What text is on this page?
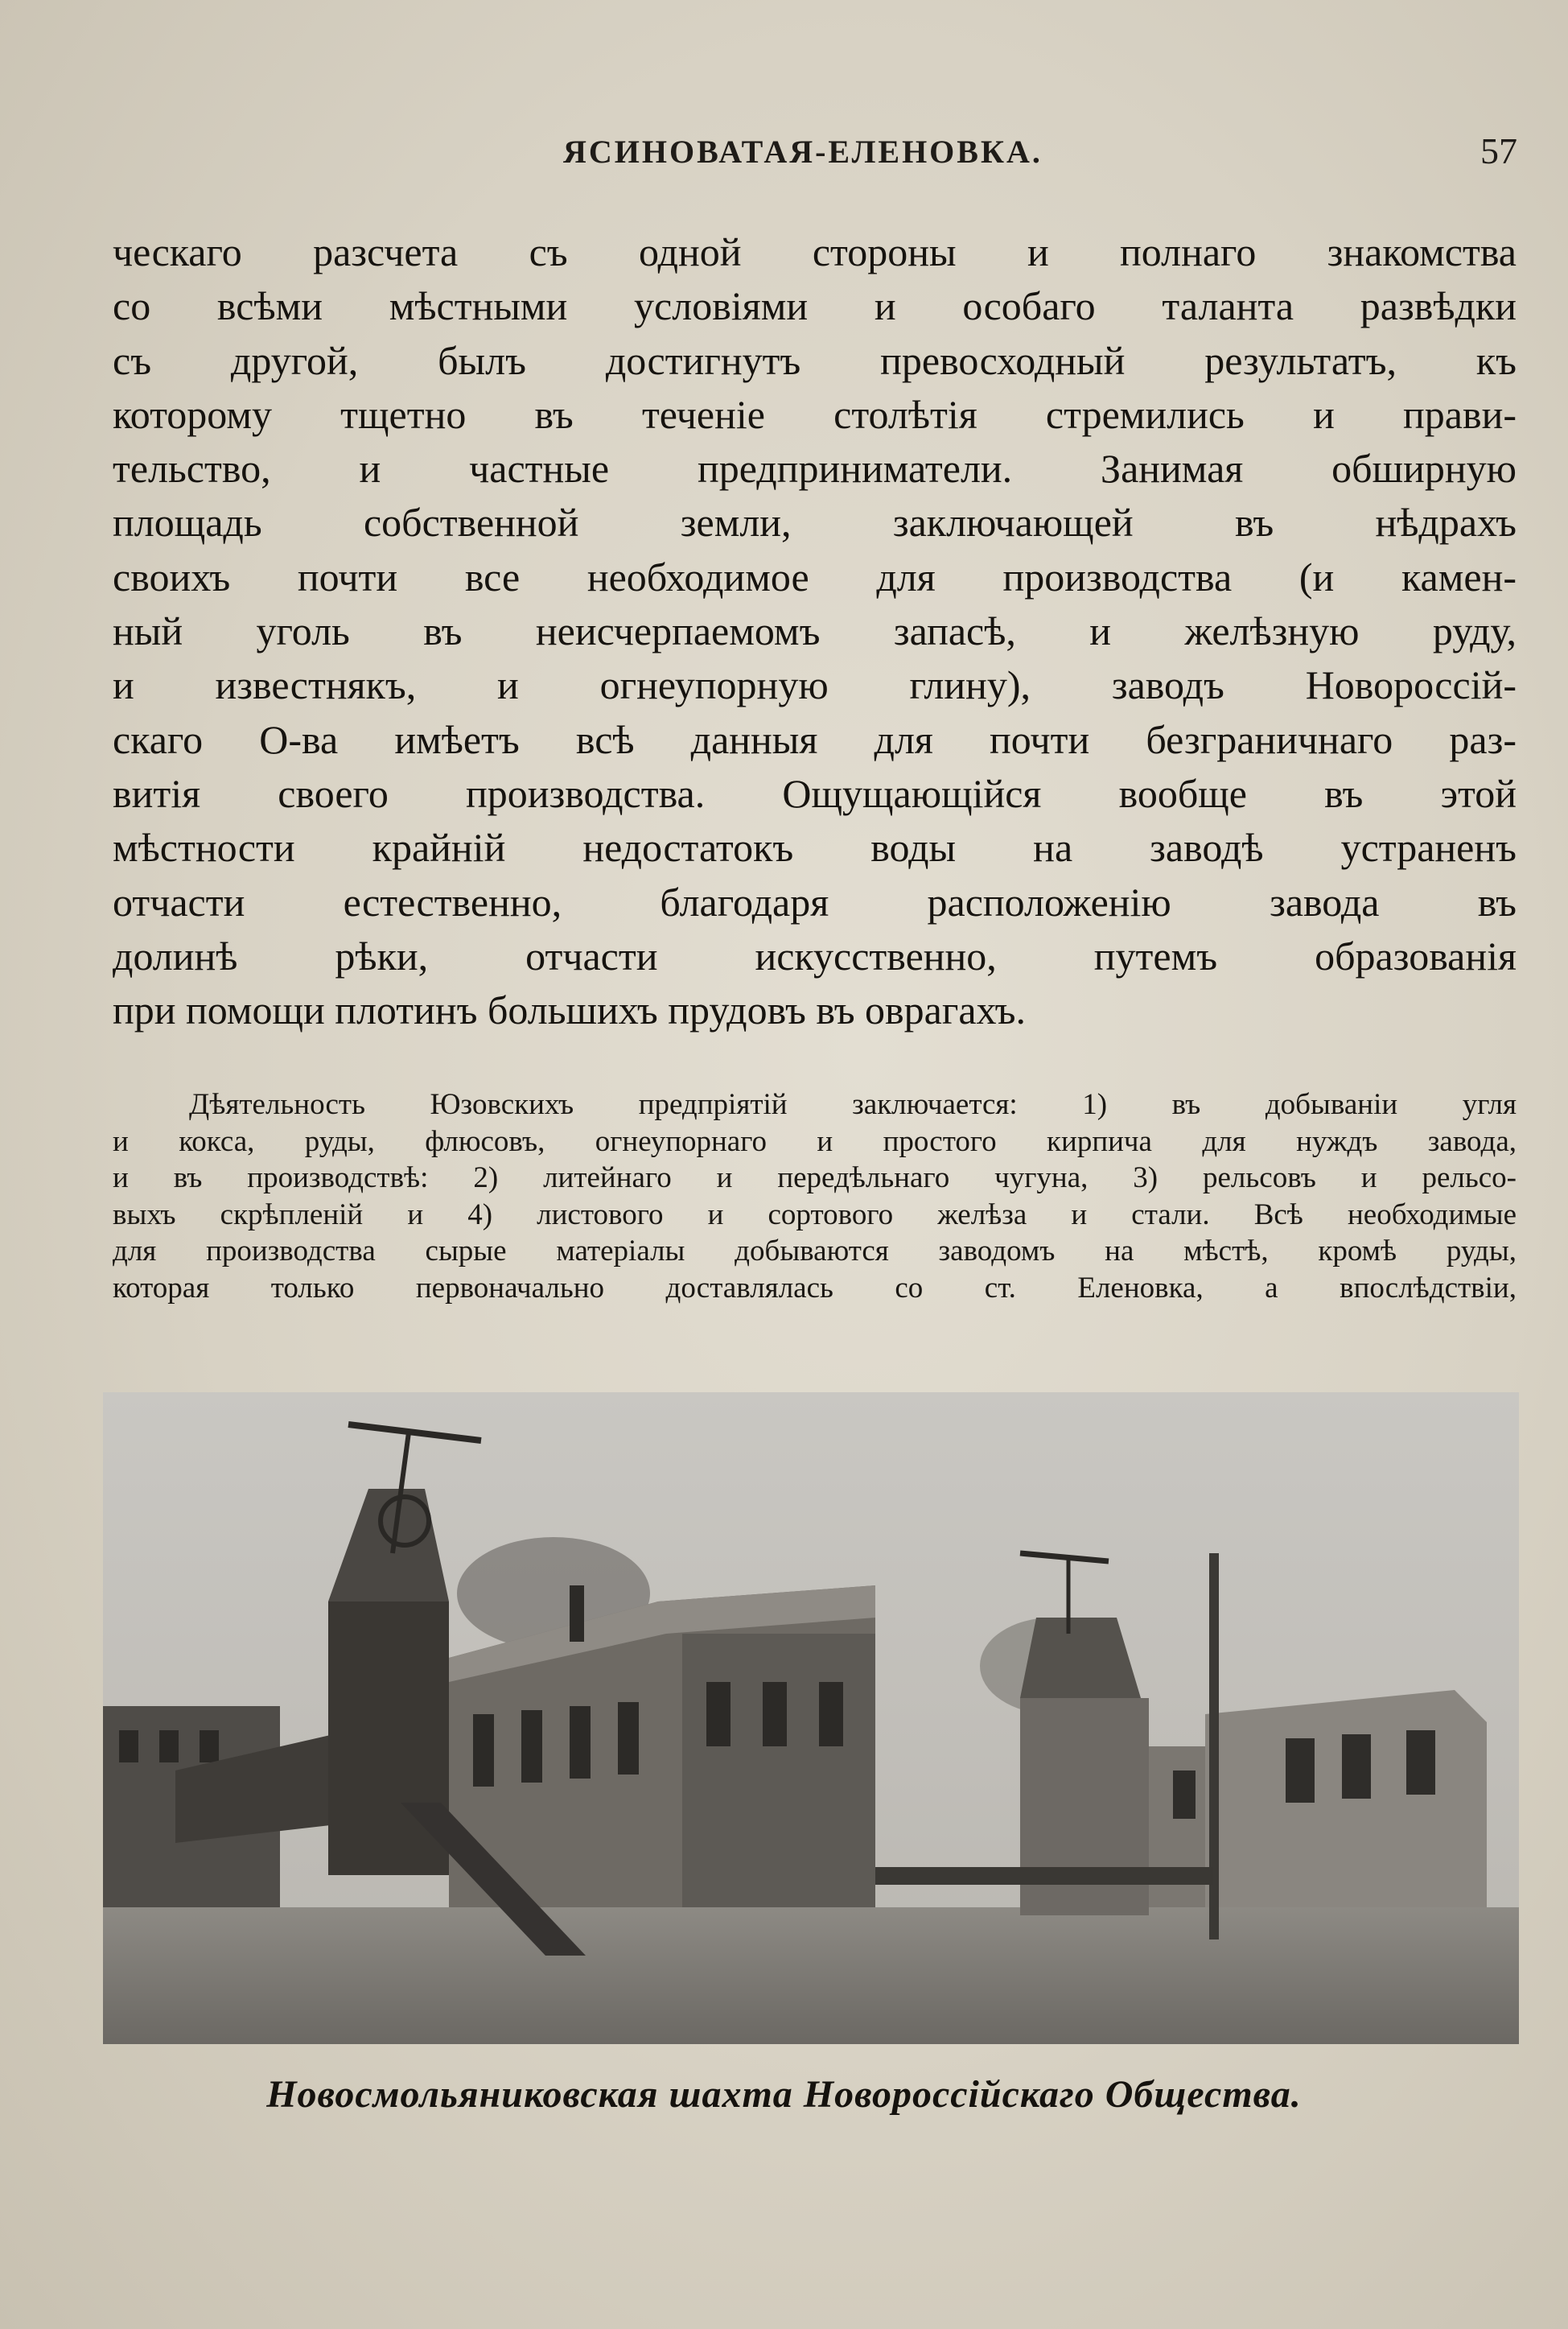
ЯСИНОВАТАЯ-ЕЛЕНОВКА.	57
ческаго разсчета съ одной стороны и полнаго знакомства
со всѣми мѣстными условіями и особаго таланта развѣдки
съ другой, былъ достигнутъ превосходный результатъ, къ
которому тщетно въ теченіе столѣтія стремились и прави-
тельство, и частные предприниматели. Занимая обширную
площадь собственной земли, заключающей въ нѣдрахъ
своихъ почти все необходимое для производства (и камен-
ный уголь въ неисчерпаемомъ запасѣ, и желѣзную руду,
и известнякъ, и огнеупорную глину), заводъ Новороссій-
скаго О-ва имѣетъ всѣ данныя для почти безграничнаго раз-
витія своего производства. Ощущающійся вообще въ этой
мѣстности крайній недостатокъ воды на заводѣ устраненъ
отчасти естественно, благодаря расположенію завода въ
долинѣ рѣки, отчасти искусственно, путемъ образованія
при помощи плотинъ большихъ прудовъ въ оврагахъ.
Дѣятельность Юзовскихъ предпріятій заключается: 1) въ добываніи угля
и кокса, руды, флюсовъ, огнеупорнаго и простого кирпича для нуждъ завода,
и въ производствѣ: 2) литейнаго и передѣльнаго чугуна, 3) рельсовъ и рельсо-
выхъ скрѣпленій и 4) листового и сортового желѣза и стали. Всѣ необходимые
для производства сырые матеріалы добываются заводомъ на мѣстѣ, кромѣ руды,
которая только первоначально доставлялась со ст. Еленовка, а впослѣдствіи,
Новосмольяниковская шахта Новороссійскаго Общества.
